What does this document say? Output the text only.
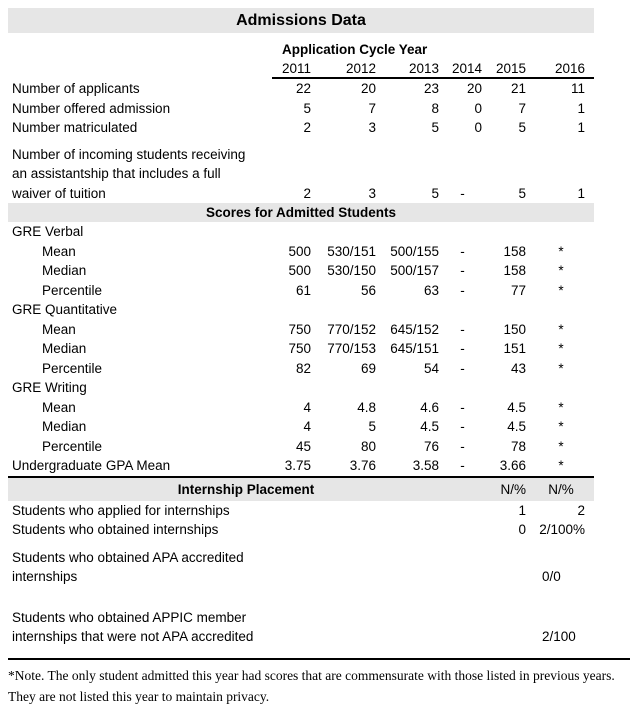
Admissions Data
Application Cycle Year
2011	2012	2013 2014	2015	2016
Number of applicants	22	20	23	20	21	11
Number offered admission	5	7	8	0	7	1
Number matriculated	2	3	5	0	5	1
Number of incoming students receiving
an assistantship that includes a full
waiver of tuition	2	3	5	-	5	1
Scores for Admitted Students
GRE Verbal
Mean	500	530/151	500/155	-	158	*
Median	500	530/150	500/157	-	158	*
Percentile	61	56	63	-	77	*
GRE Quantitative
Mean	750	770/152	645/152	-	150	*
Median	750	770/153	645/151	-	151	*
Percentile	82	69	54	-	43	*
GRE Writing
Mean	4	4.8	4.6	-	4.5	*
Median	4	5	4.5	-	4.5	*
Percentile	45	80	76	-	78	*
Undergraduate GPA Mean	3.75	3.76	3.58	-	3.66	*
Internship Placement	N/%	N/%
Students who applied for internships	1	2
Students who obtained internships	0 2/100%
Students who obtained APA accredited
internships	0/0
Students who obtained APPIC member
internships that were not APA accredited	2/100
*Note. The only student admitted this year had scores that are commensurate with those listed in previous years.  They are not listed this year to maintain privacy.
